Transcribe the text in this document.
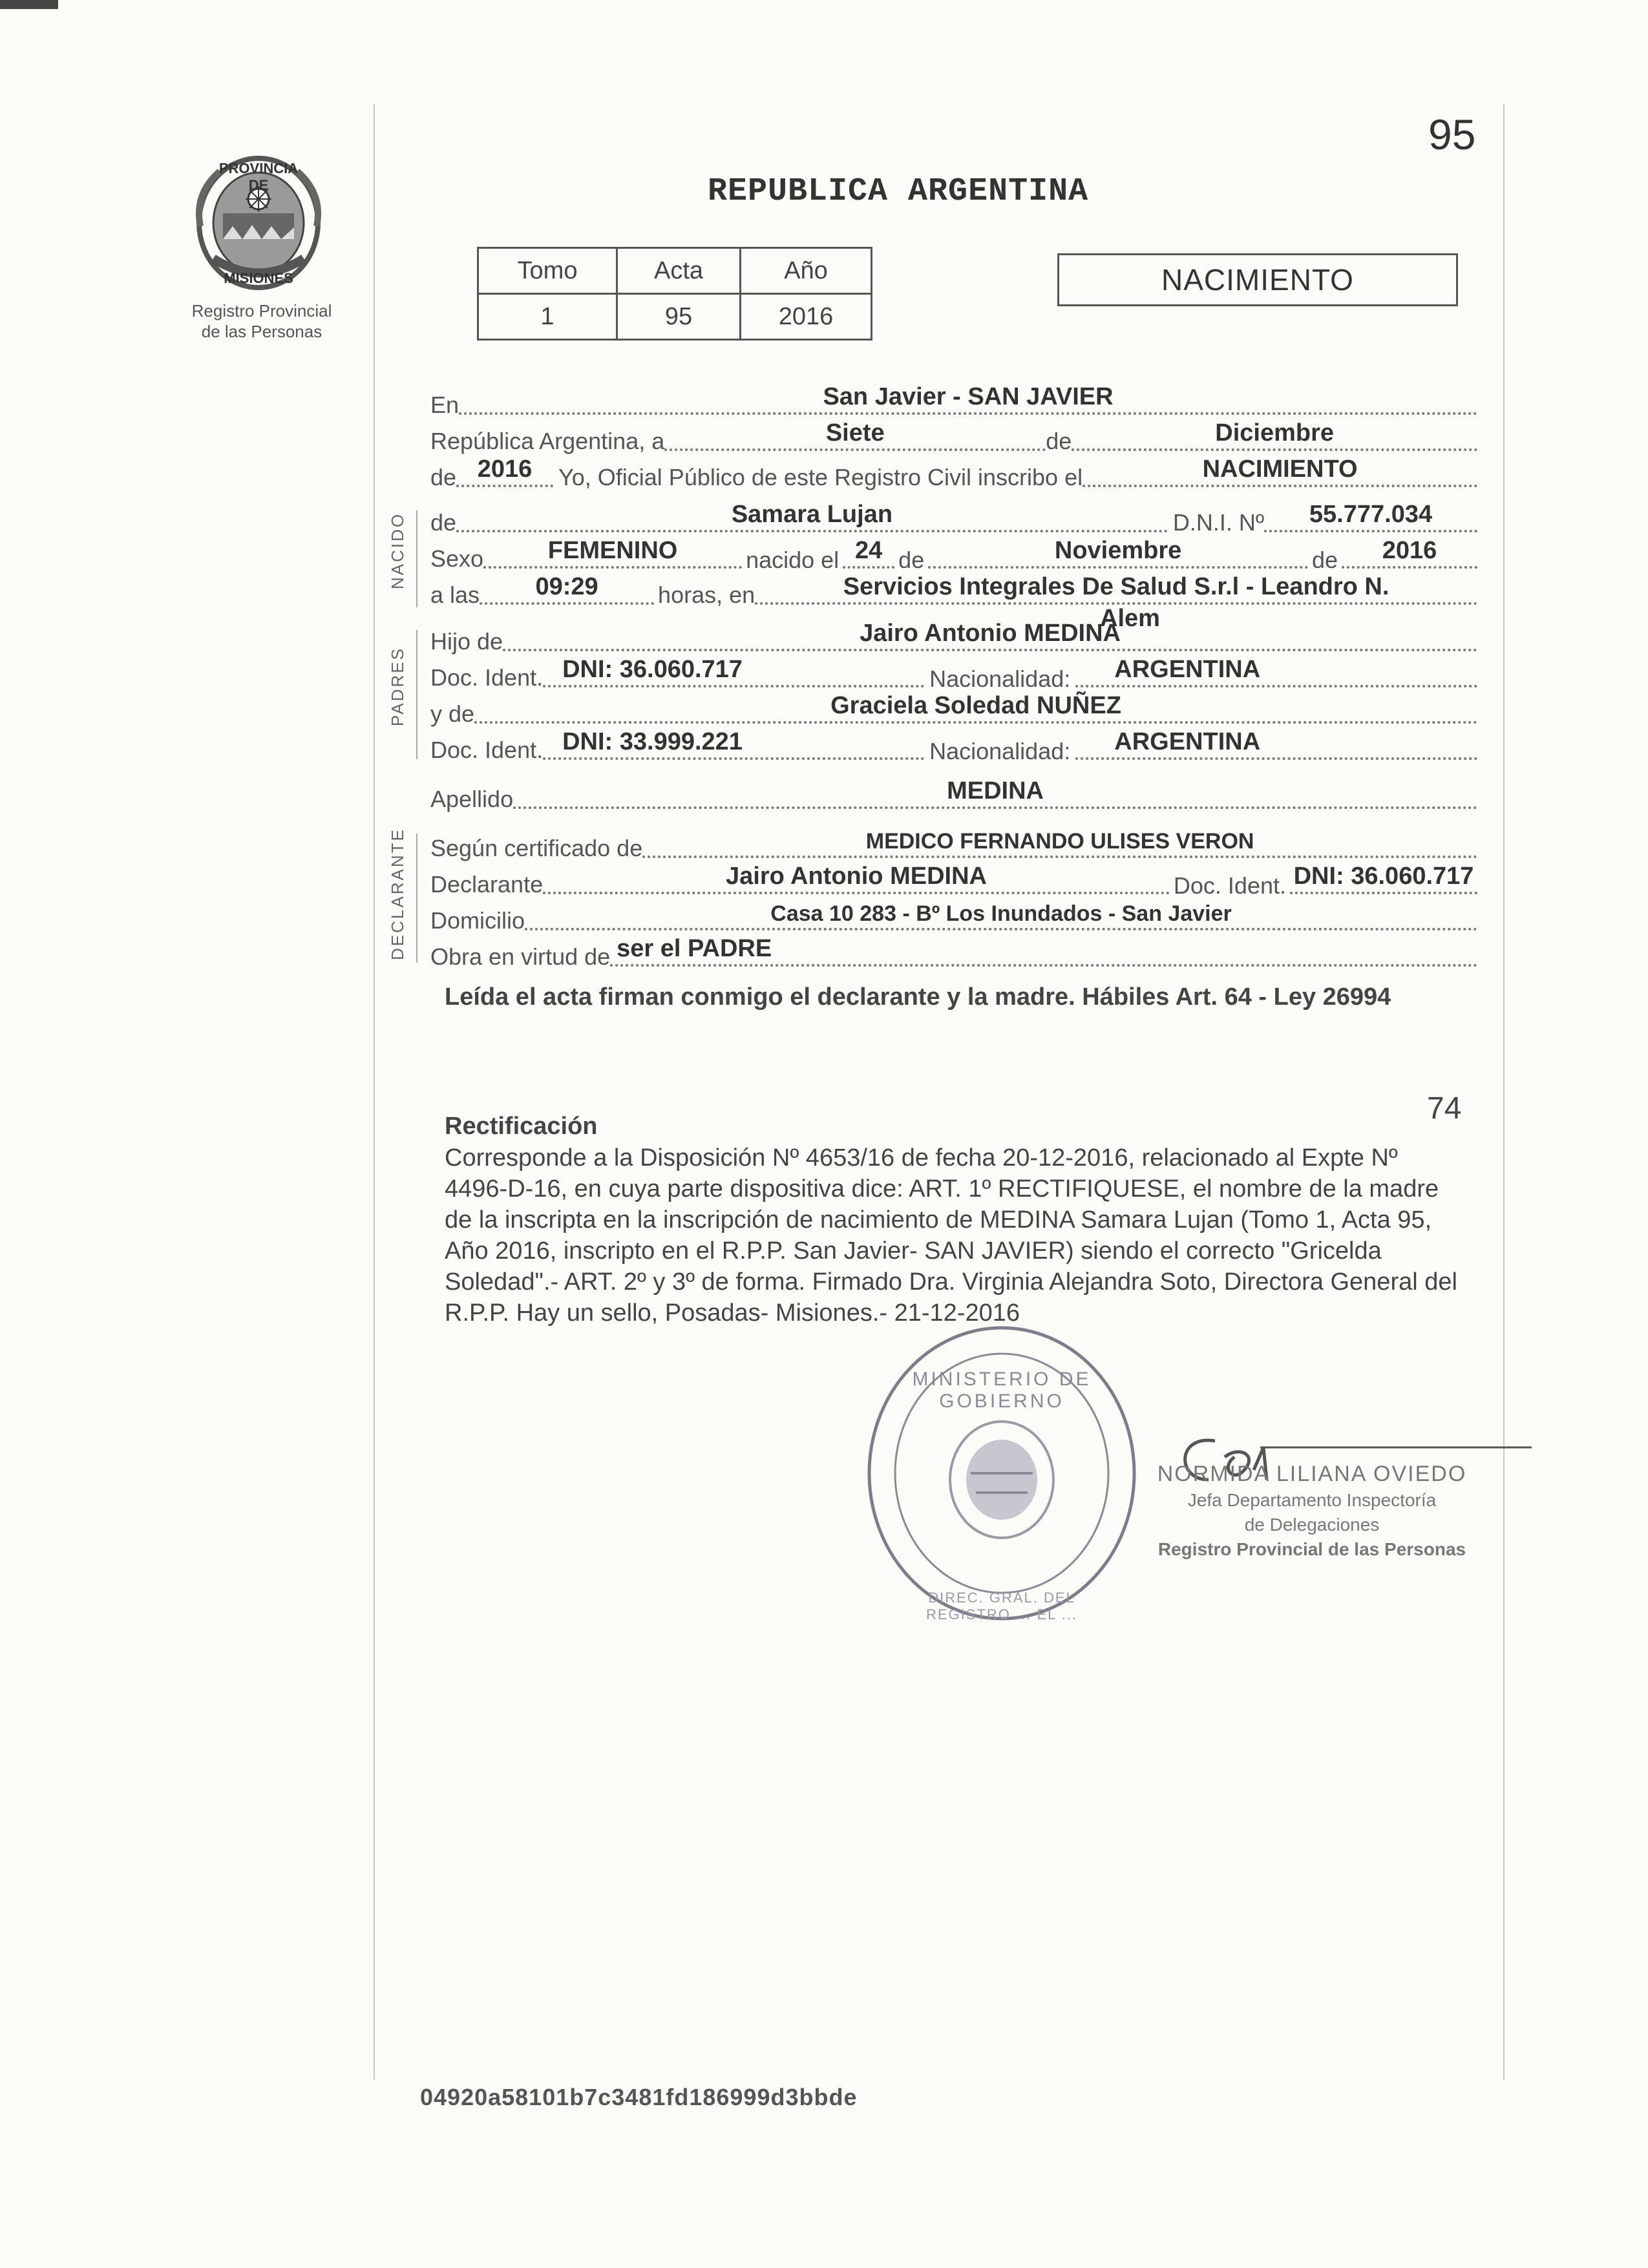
PROVINCIA DE
MISIONES
Registro Provincial
de las Personas
95
REPUBLICA ARGENTINA
Tomo	Acta	Año
1	95	2016
NACIMIENTO
En	San Javier - SAN JAVIER
República Argentina, a	Siete	de	Diciembre
de 2016	Yo, Oficial Público de este Registro Civil inscribo el	NACIMIENTO
NACIDO de	Samara Lujan	D.N.I. Nº	55.777.034
Sexo	FEMENINO	nacido el 24 de	Noviembre	de	2016
a las	09:29	horas, en	Servicios Integrales De Salud S.r.l - Leandro N.
Alem
PADRES
Hijo de	Jairo Antonio MEDINA
Doc. Ident. DNI: 36.060.717	Nacionalidad:	ARGENTINA
y de	Graciela Soledad NUÑEZ
Doc. Ident. DNI: 33.999.221	Nacionalidad:	ARGENTINA
Apellido	MEDINA
DECLARANTE Según certificado de	MEDICO FERNANDO ULISES VERON
Declarante	Jairo Antonio MEDINA	Doc. Ident. DNI: 36.060.717
Domicilio	Casa 10 283 - Bº Los Inundados - San Javier
Obra en virtud de ser el PADRE
Leída el acta firman conmigo el declarante y la madre. Hábiles Art. 64 - Ley 26994
74
Rectificación
Corresponde a la Disposición Nº 4653/16 de fecha 20-12-2016, relacionado al Expte Nº 4496-D-16, en cuya parte dispositiva dice: ART. 1º RECTIFIQUESE, el nombre de la madre de la inscripta en la inscripción de nacimiento de MEDINA Samara Lujan (Tomo 1, Acta 95, Año 2016, inscripto en el R.P.P. San Javier- SAN JAVIER) siendo el correcto "Gricelda Soledad".- ART. 2º y 3º de forma. Firmado Dra. Virginia Alejandra Soto, Directora General del R.P.P. Hay un sello, Posadas- Misiones.- 21-12-2016
MINISTERIO DE GOBIERNO
DIREC. GRAL. DEL REGISTRO ... EL ...
NORMIDA LILIANA OVIEDO
Jefa Departamento Inspectoría
de Delegaciones
Registro Provincial de las Personas
04920a58101b7c3481fd186999d3bbde
